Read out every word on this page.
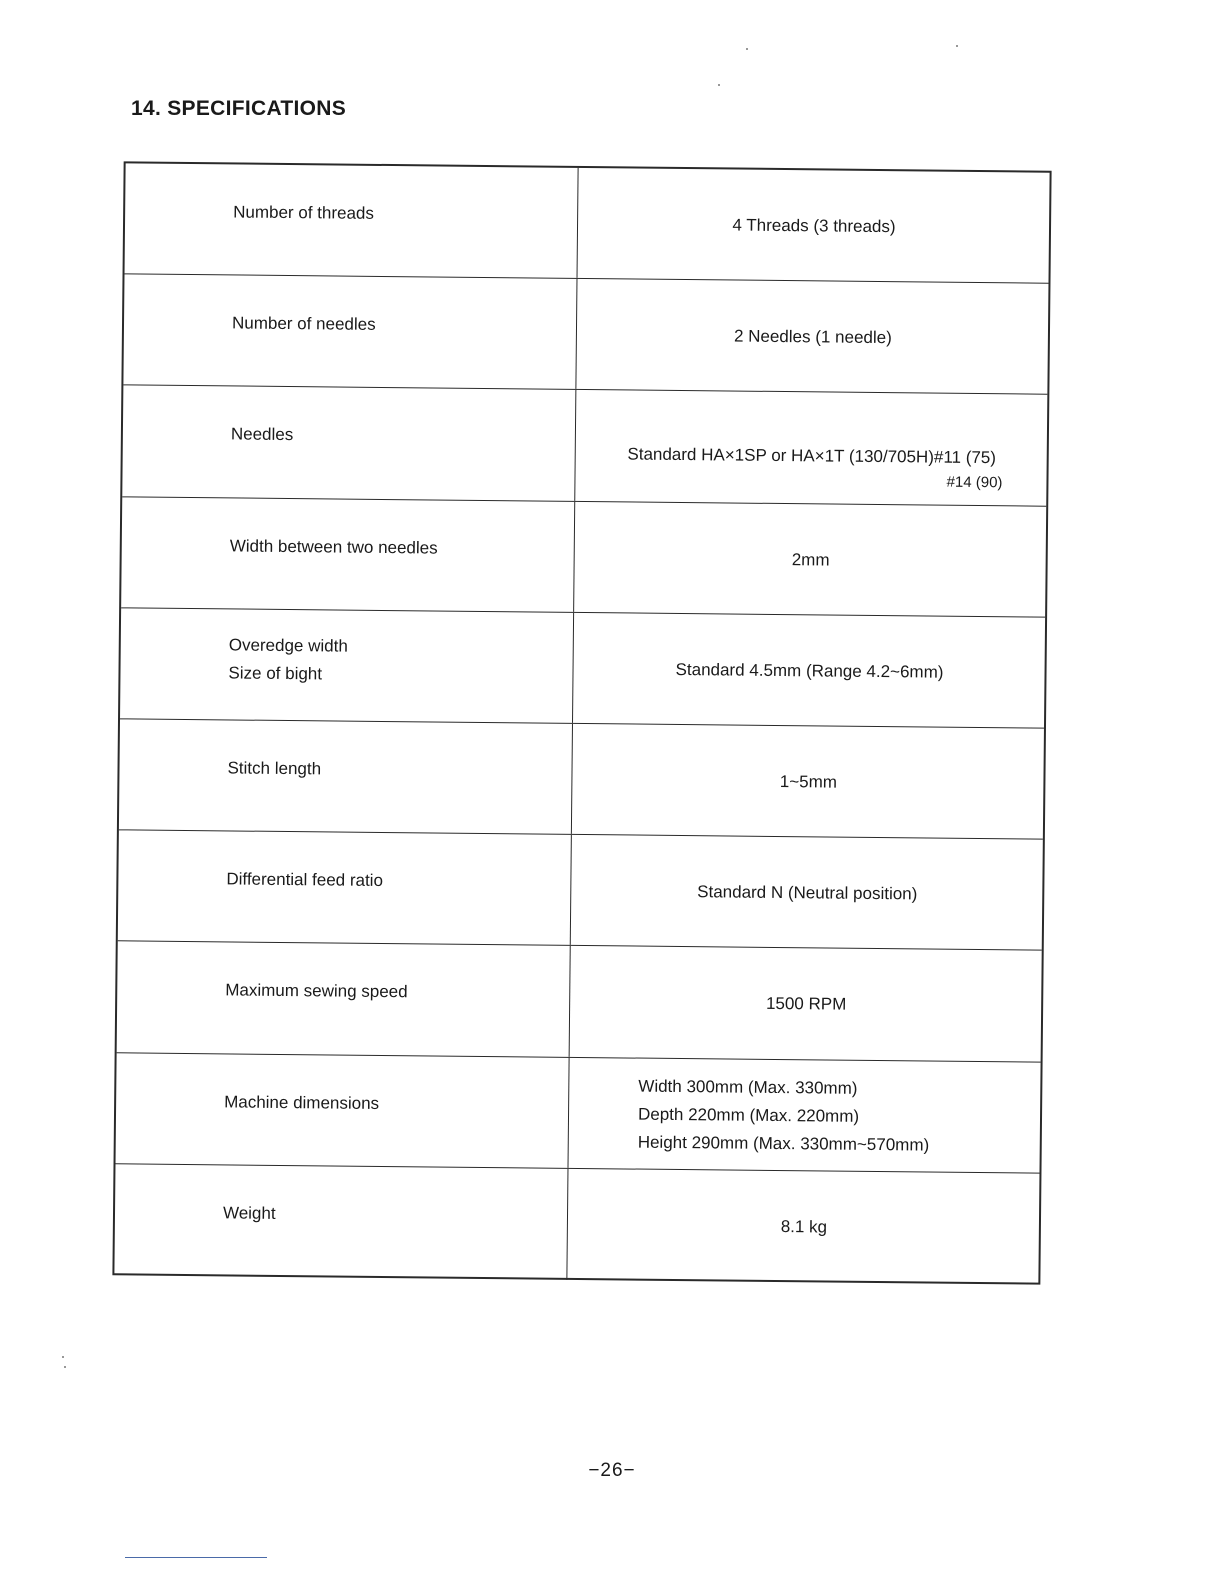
14. SPECIFICATIONS
Number of threads
4 Threads (3 threads)
Number of needles
2 Needles (1 needle)
Needles
Standard HA×1SP or HA×1T (130/705H)#11 (75)
#14 (90)
Width between two needles
2mm
Overedge width
Size of bight	Standard 4.5mm (Range 4.2~6mm)
Stitch length
1~5mm
Differential feed ratio
Standard N (Neutral position)
Maximum sewing speed
1500 RPM
Machine dimensions
Width 300mm (Max. 330mm)
Depth 220mm (Max. 220mm)
Height 290mm (Max. 330mm~570mm)
Weight
8.1 kg
−26−
